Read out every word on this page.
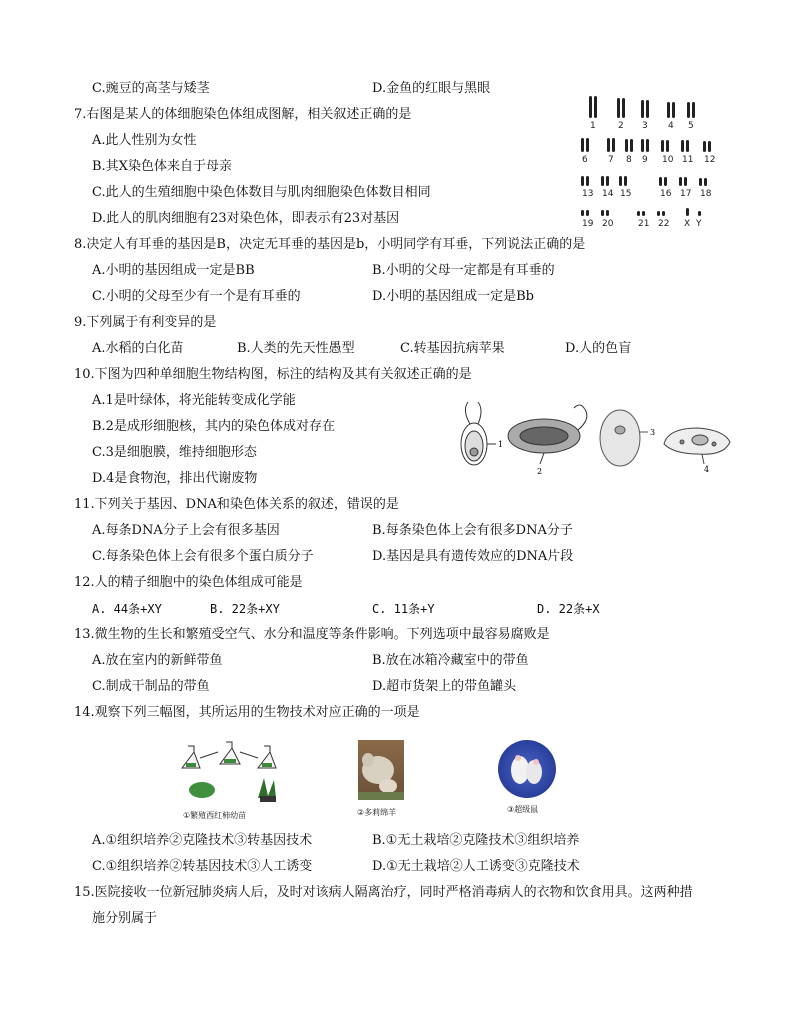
C.豌豆的高茎与矮茎	D.金鱼的红眼与黑眼
7.右图是某人的体细胞染色体组成图解，相关叙述正确的是
A.此人性别为女性
B.其X染色体来自于母亲
C.此人的生殖细胞中染色体数目与肌肉细胞染色体数目相同
D.此人的肌肉细胞有23对染色体，即表示有23对基因
1 2 3 4 5
6 7 8 9 10 11 12
13 14 15	16 17 18
19 20	21 22 X Y
8.决定人有耳垂的基因是B，决定无耳垂的基因是b，小明同学有耳垂，下列说法正确的是
A.小明的基因组成一定是BB	B.小明的父母一定都是有耳垂的
C.小明的父母至少有一个是有耳垂的	D.小明的基因组成一定是Bb
9.下列属于有利变异的是
A.水稻的白化苗	B.人类的先天性愚型	C.转基因抗病苹果	D.人的色盲
10.下图为四种单细胞生物结构图，标注的结构及其有关叙述正确的是
A.1是叶绿体，将光能转变成化学能
B.2是成形细胞核，其内的染色体成对存在
C.3是细胞膜，维持细胞形态
D.4是食物泡，排出代谢废物
1
2
3
4
11.下列关于基因、DNA和染色体关系的叙述，错误的是
A.每条DNA分子上会有很多基因	B.每条染色体上会有很多DNA分子
C.每条染色体上会有很多个蛋白质分子	D.基因是具有遗传效应的DNA片段
12.人的精子细胞中的染色体组成可能是
A. 44条+XY	B. 22条+XY	C. 11条+Y	D. 22条+X
13.微生物的生长和繁殖受空气、水分和温度等条件影响。下列选项中最容易腐败是
A.放在室内的新鲜带鱼	B.放在冰箱冷藏室中的带鱼
C.制成干制品的带鱼	D.超市货架上的带鱼罐头
14.观察下列三幅图，其所运用的生物技术对应正确的一项是
①繁殖西红柿幼苗	②多莉绵羊	③超级鼠
A.①组织培养②克隆技术③转基因技术	B.①无土栽培②克隆技术③组织培养
C.①组织培养②转基因技术③人工诱变	D.①无土栽培②人工诱变③克隆技术
15.医院接收一位新冠肺炎病人后，及时对该病人隔离治疗，同时严格消毒病人的衣物和饮食用具。这两种措
施分别属于
